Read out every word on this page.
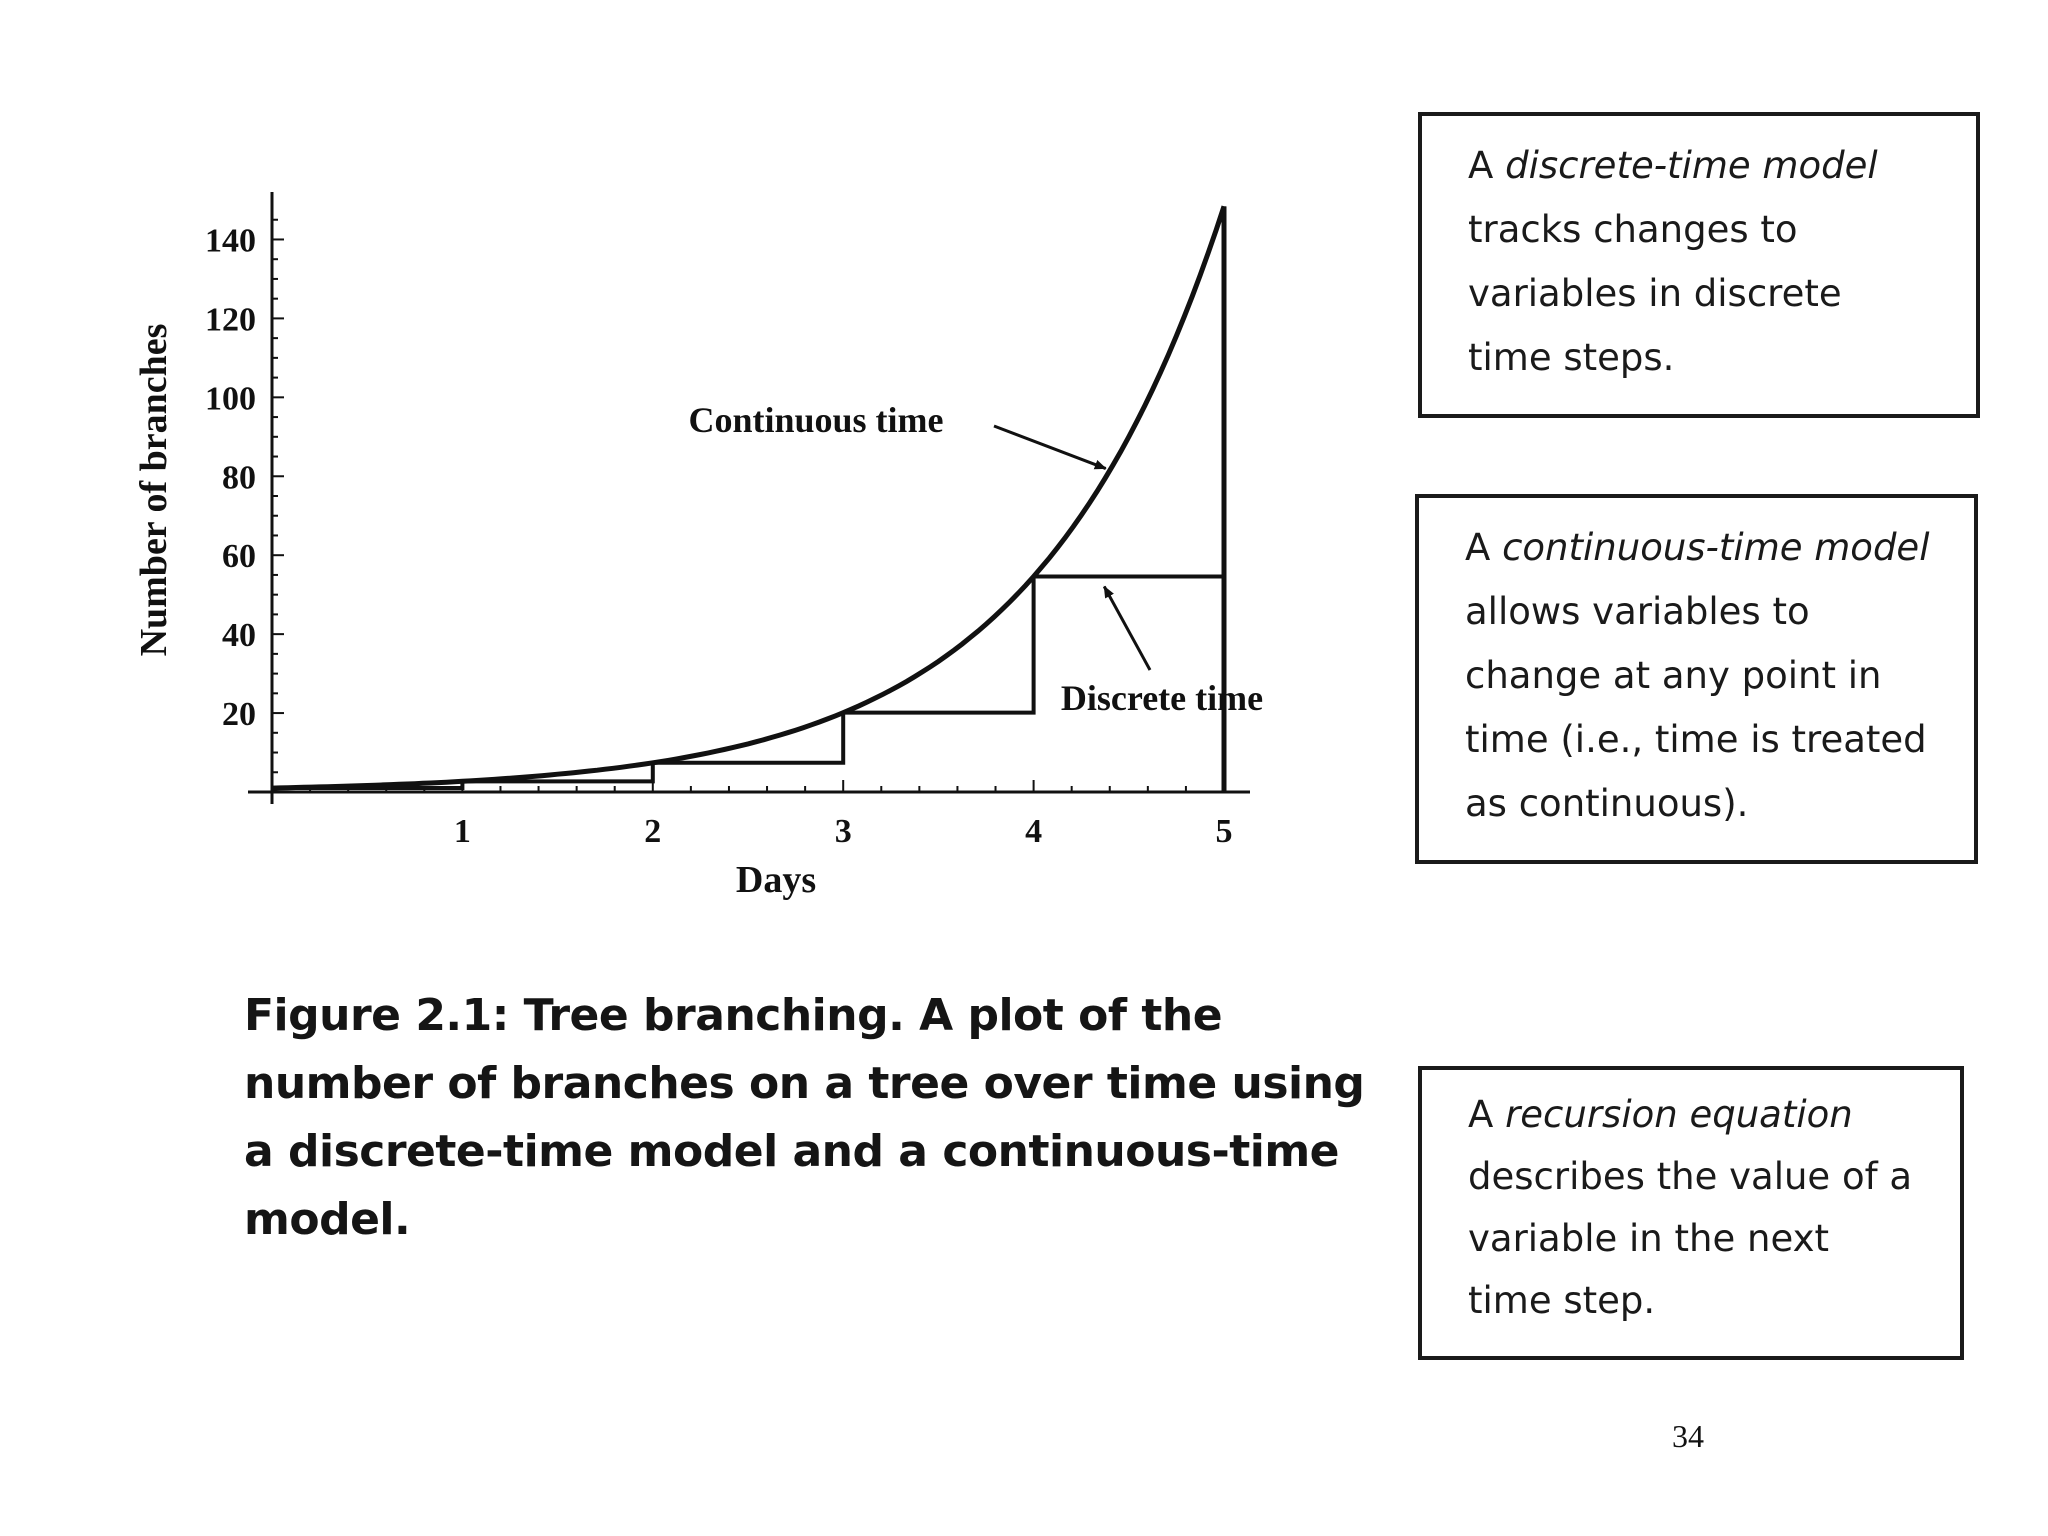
20
40
60
80
100
120
140
1	2	3	4	5
Days
Number of branches	Continuous time
Discrete time
Figure 2.1: Tree branching. A plot of the number of branches on a tree over time using a discrete-time model and a continuous-time model.
A discrete-time model tracks changes to variables in discrete time steps.
A continuous-time model allows variables to change at any point in time (i.e., time is treated as continuous).
A recursion equation describes the value of a variable in the next time step.
34
